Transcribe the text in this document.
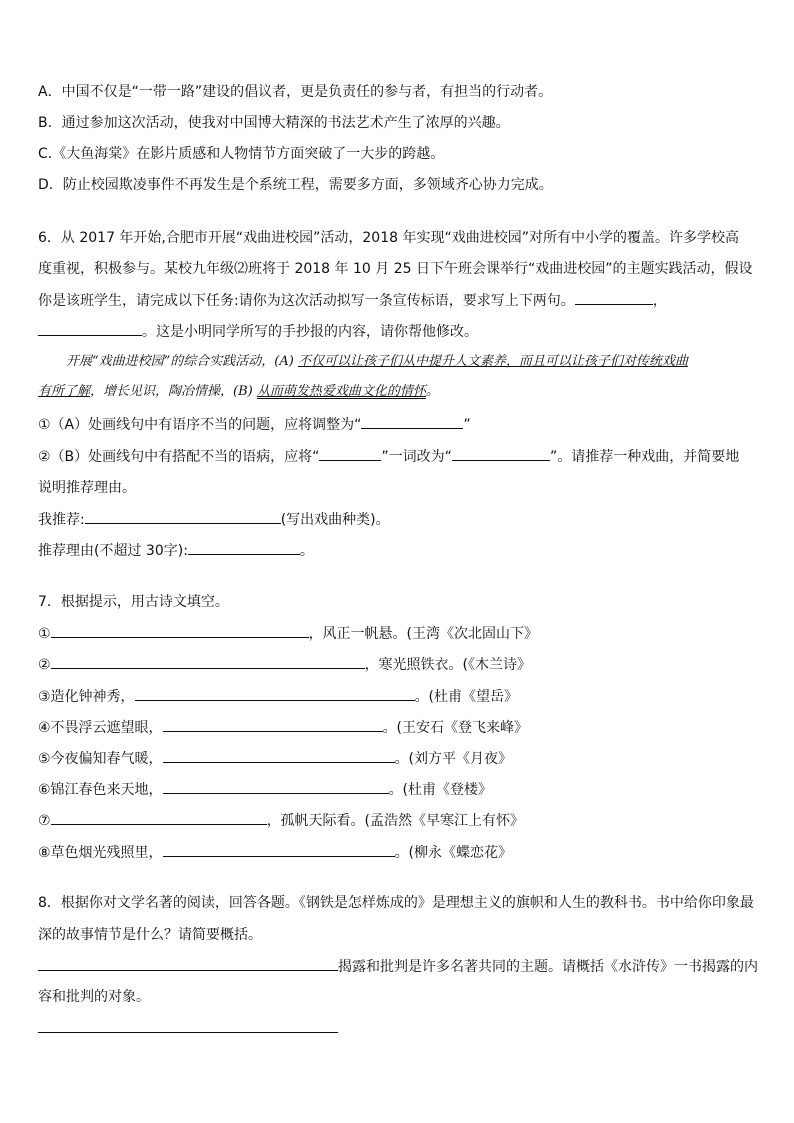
A．中国不仅是“一带一路”建设的倡议者，更是负责任的参与者，有担当的行动者。
B．通过参加这次活动，使我对中国博大精深的书法艺术产生了浓厚的兴趣。
C.《大鱼海棠》在影片质感和人物情节方面突破了一大步的跨越。
D．防止校园欺凌事件不再发生是个系统工程，需要多方面，多领域齐心协力完成。
6．从 2017 年开始,合肥市开展“戏曲进校园”活动，2018 年实现“戏曲进校园”对所有中小学的覆盖。许多学校高
度重视，积极参与。某校九年级⑵班将于 2018 年 10 月 25 日下午班会课举行“戏曲进校园”的主题实践活动，假设
你是该班学生，请完成以下任务:请你为这次活动拟写一条宣传标语，要求写上下两句。	，
。这是小明同学所写的手抄报的内容，请你帮他修改。
开展“戏曲进校园”的综合实践活动，(A) 不仅可以让孩子们从中提升人文素养，而且可以让孩子们对传统戏曲
有所了解，增长见识，陶冶情操，(B) 从而萌发热爱戏曲文化的情怀。
①（A）处画线句中有语序不当的问题，应将调整为“	”
②（B）处画线句中有搭配不当的语病，应将“	”一词改为“	”。请推荐一种戏曲，并简要地
说明推荐理由。
我推荐:	(写出戏曲种类)。
推荐理由(不超过 30字):	。
7．根据提示，用古诗文填空。
①	，风正一帆悬。(王湾《次北固山下》
②	，寒光照铁衣。(《木兰诗》
③造化钟神秀，	。(杜甫《望岳》
④不畏浮云遮望眼，	。(王安石《登飞来峰》
⑤今夜偏知春气暖，	。(刘方平《月夜》
⑥锦江春色来天地，	。(杜甫《登楼》
⑦	，孤帆天际看。(孟浩然《早寒江上有怀》
⑧草色烟光残照里，	。(柳永《蝶恋花》
8．根据你对文学名著的阅读，回答各题。《钢铁是怎样炼成的》是理想主义的旗帜和人生的教科书。书中给你印象最
深的故事情节是什么？请简要概括。
揭露和批判是许多名著共同的主题。请概括《水浒传》一书揭露的内
容和批判的对象。
